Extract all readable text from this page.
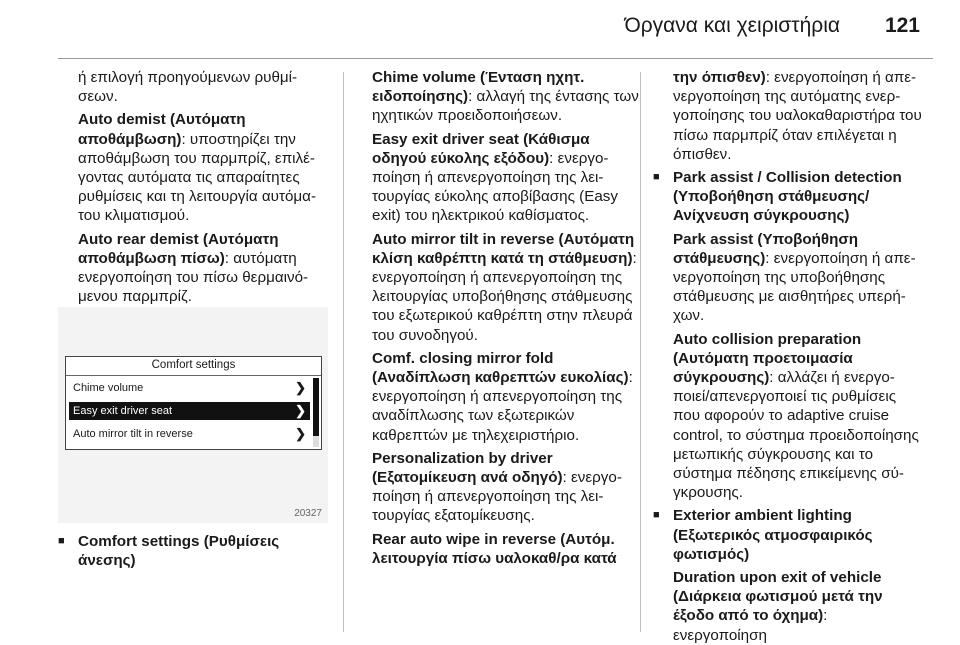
Όργανα και χειριστήρια 121

ή επιλογή προηγούμενων ρυθμίσεων.

Auto demist (Αυτόματη αποθάμβωση): υποστηρίζει την αποθάμβωση του παρμπρίζ, επιλέγοντας αυτόματα τις απαραίτητες ρυθμίσεις και τη λειτουργία αυτόματου κλιματισμού.

Auto rear demist (Αυτόματη αποθάμβωση πίσω): αυτόματη ενεργοποίηση του πίσω θερμαινόμενου παρμπρίζ.

Comfort settings
Chime volume	❯
Easy exit driver seat	❯
Auto mirror tilt in reverse	❯
20327

■ Comfort settings (Ρυθμίσεις άνεσης)

Chime volume (Ένταση ηχητ. ειδοποίησης): αλλαγή της έντασης των ηχητικών προειδοποιήσεων.

Easy exit driver seat (Κάθισμα οδηγού εύκολης εξόδου): ενεργοποίηση ή απενεργοποίηση της λειτουργίας εύκολης αποβίβασης (Easy exit) του ηλεκτρικού καθίσματος.

Auto mirror tilt in reverse (Αυτόματη κλίση καθρέπτη κατά τη στάθμευση): ενεργοποίηση ή απενεργοποίηση της λειτουργίας υποβοήθησης στάθμευσης του εξωτερικού καθρέπτη στην πλευρά του συνοδηγού.

Comf. closing mirror fold (Αναδίπλωση καθρεπτών ευκολίας): ενεργοποίηση ή απενεργοποίηση της αναδίπλωσης των εξωτερικών καθρεπτών με τηλεχειριστήριο.

Personalization by driver (Εξατομίκευση ανά οδηγό): ενεργοποίηση ή απενεργοποίηση της λειτουργίας εξατομίκευσης.

Rear auto wipe in reverse (Αυτόμ. λειτουργία πίσω υαλοκαθ/ρα κατά

την όπισθεν): ενεργοποίηση ή απενεργοποίηση της αυτόματης ενεργοποίησης του υαλοκαθαριστήρα του πίσω παρμπρίζ όταν επιλέγεται η όπισθεν.

■ Park assist / Collision detection (Υποβοήθηση στάθμευσης/ Ανίχνευση σύγκρουσης)

Park assist (Υποβοήθηση στάθμευσης): ενεργοποίηση ή απενεργοποίηση της υποβοήθησης στάθμευσης με αισθητήρες υπερήχων.

Auto collision preparation (Αυτόματη προετοιμασία σύγκρουσης): αλλάζει ή ενεργοποιεί/απενεργοποιεί τις ρυθμίσεις που αφορούν το adaptive cruise control, το σύστημα προειδοποίησης μετωπικής σύγκρουσης και το σύστημα πέδησης επικείμενης σύγκρουσης.

■ Exterior ambient lighting (Εξωτερικός ατμοσφαιρικός φωτισμός)

Duration upon exit of vehicle (Διάρκεια φωτισμού μετά την έξοδο από το όχημα): ενεργοποίηση
